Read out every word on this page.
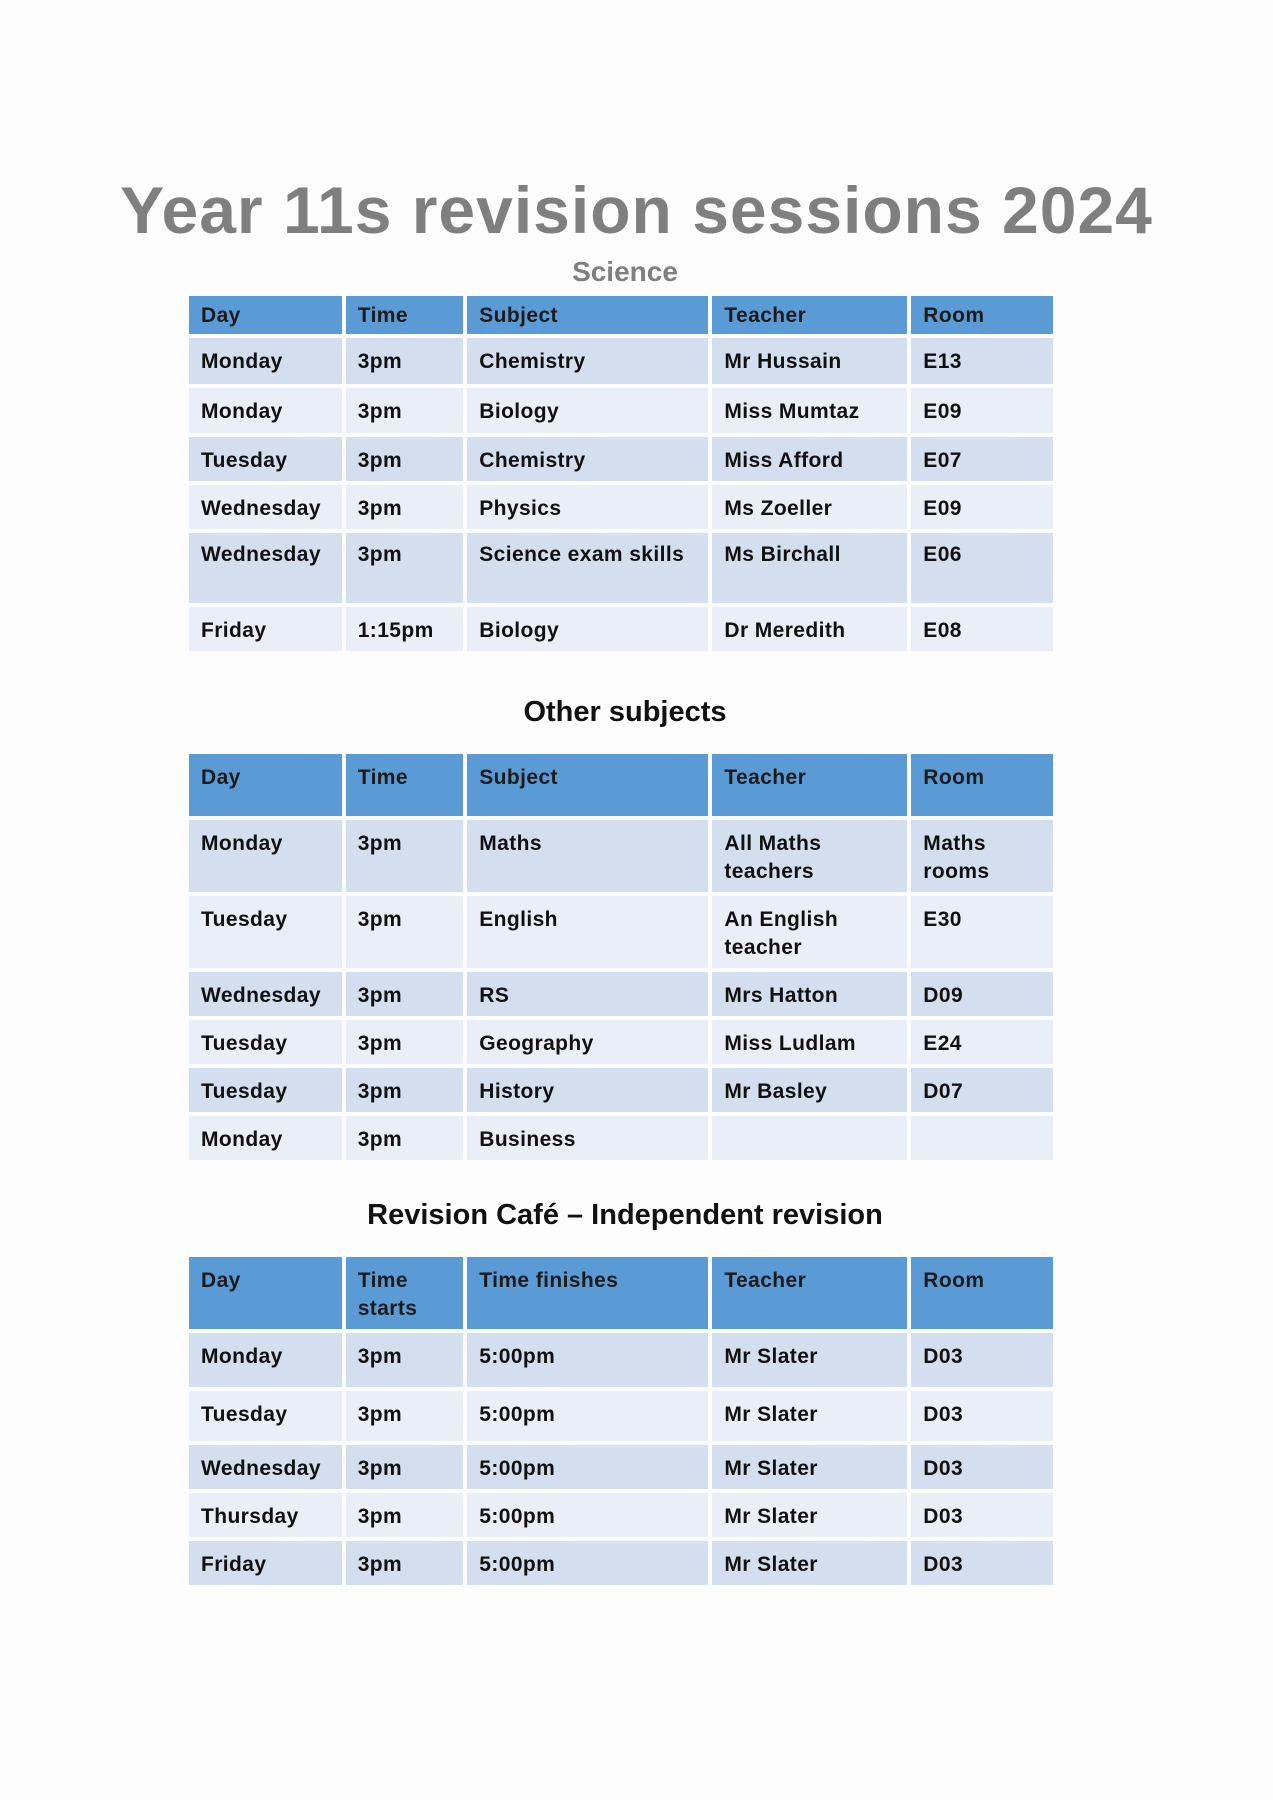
Year 11s revision sessions 2024
Science
Day	Time	Subject	Teacher	Room
Monday	3pm	Chemistry	Mr Hussain	E13
Monday	3pm	Biology	Miss Mumtaz	E09
Tuesday	3pm	Chemistry	Miss Afford	E07
Wednesday	3pm	Physics	Ms Zoeller	E09
Wednesday	3pm	Science exam skills	Ms Birchall	E06
Friday	1:15pm	Biology	Dr Meredith	E08
Other subjects
Day	Time	Subject	Teacher	Room
Monday	3pm	Maths	All Maths teachers	Maths rooms
Tuesday	3pm	English	An English teacher	E30
Wednesday	3pm	RS	Mrs Hatton	D09
Tuesday	3pm	Geography	Miss Ludlam	E24
Tuesday	3pm	History	Mr Basley	D07
Monday	3pm	Business		
Revision Café – Independent revision
Day	Time starts	Time finishes	Teacher	Room
Monday	3pm	5:00pm	Mr Slater	D03
Tuesday	3pm	5:00pm	Mr Slater	D03
Wednesday	3pm	5:00pm	Mr Slater	D03
Thursday	3pm	5:00pm	Mr Slater	D03
Friday	3pm	5:00pm	Mr Slater	D03
